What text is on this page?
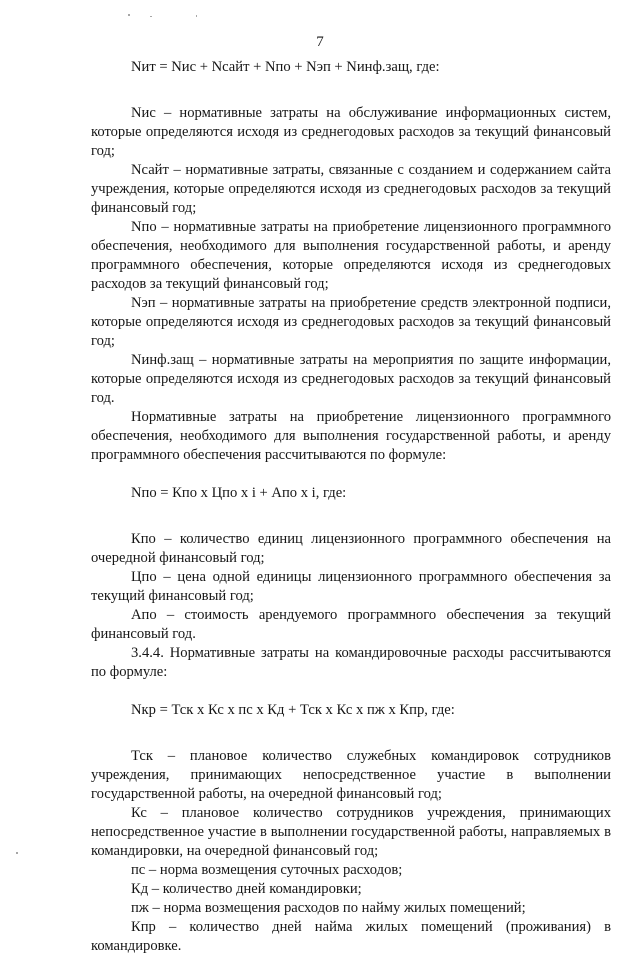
7

Nит = Nис + Nсайт + Nпо + Nэп + Nинф.защ, где:

Nис – нормативные затраты на обслуживание информационных систем, которые определяются исходя из среднегодовых расходов за текущий финансовый год;

Nсайт – нормативные затраты, связанные с созданием и содержанием сайта учреждения, которые определяются исходя из среднегодовых расходов за текущий финансовый год;

Nпо – нормативные затраты на приобретение лицензионного программного обеспечения, необходимого для выполнения государственной работы, и аренду программного обеспечения, которые определяются исходя из среднегодовых расходов за текущий финансовый год;

Nэп – нормативные затраты на приобретение средств электронной подписи, которые определяются исходя из среднегодовых расходов за текущий финансовый год;

Nинф.защ – нормативные затраты на мероприятия по защите информации, которые определяются исходя из среднегодовых расходов за текущий финансовый год.

Нормативные затраты на приобретение лицензионного программного обеспечения, необходимого для выполнения государственной работы, и аренду программного обеспечения рассчитываются по формуле:

Nпо = Кпо х Цпо х i + Апо х i, где:

Кпо – количество единиц лицензионного программного обеспечения на очередной финансовый год;

Цпо – цена одной единицы лицензионного программного обеспечения за текущий финансовый год;

Апо – стоимость арендуемого программного обеспечения за текущий финансовый год.

3.4.4. Нормативные затраты на командировочные расходы рассчитываются по формуле:

Nкр = Тск х Кс х пс х Кд + Тск х Кс х пж х Кпр, где:

Тск – плановое количество служебных командировок сотрудников учреждения, принимающих непосредственное участие в выполнении государственной работы, на очередной финансовый год;

Кс – плановое количество сотрудников учреждения, принимающих непосредственное участие в выполнении государственной работы, направляемых в командировки, на очередной финансовый год;

пс – норма возмещения суточных расходов;

Кд – количество дней командировки;

пж – норма возмещения расходов по найму жилых помещений;

Кпр – количество дней найма жилых помещений (проживания) в командировке.
